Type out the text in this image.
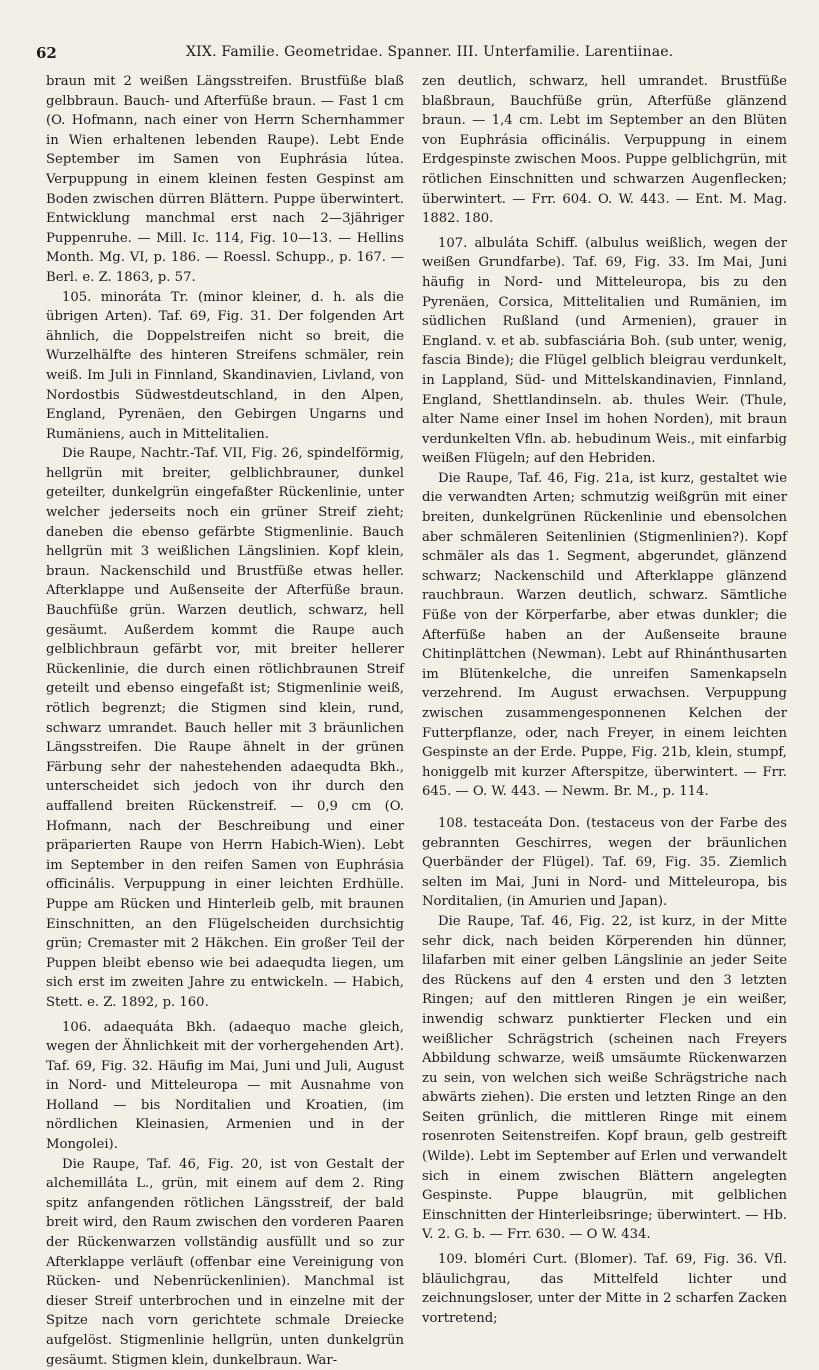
62	XIX. Familie. Geometridae. Spanner. III. Unterfamilie. Larentiinae.

braun mit 2 weißen Längsstreifen. Brustfüße blaß gelbbraun. Bauch- und Afterfüße braun. — Fast 1 cm (O. Hofmann, nach einer von Herrn Schernhammer in Wien erhaltenen lebenden Raupe). Lebt Ende September im Samen von Euphrásia lútea. Verpuppung in einem kleinen festen Gespinst am Boden zwischen dürren Blättern. Puppe überwintert. Entwicklung manchmal erst nach 2—3jähriger Puppenruhe. — Mill. Ic. 114, Fig. 10—13. — Hellins Month. Mg. VI, p. 186. — Roessl. Schupp., p. 167. — Berl. e. Z. 1863, p. 57.

105. minoráta Tr. (minor kleiner, d. h. als die übrigen Arten). Taf. 69, Fig. 31. Der folgenden Art ähnlich, die Doppelstreifen nicht so breit, die Wurzelhälfte des hinteren Streifens schmäler, rein weiß. Im Juli in Finnland, Skandinavien, Livland, von Nordostbis Südwestdeutschland, in den Alpen, England, Pyrenäen, den Gebirgen Ungarns und Rumäniens, auch in Mittelitalien.

Die Raupe, Nachtr.-Taf. VII, Fig. 26, spindelförmig, hellgrün mit breiter, gelblichbrauner, dunkel geteilter, dunkelgrün eingefaßter Rückenlinie, unter welcher jederseits noch ein grüner Streif zieht; daneben die ebenso gefärbte Stigmenlinie. Bauch hellgrün mit 3 weißlichen Längslinien. Kopf klein, braun. Nackenschild und Brustfüße etwas heller. Afterklappe und Außenseite der Afterfüße braun. Bauchfüße grün. Warzen deutlich, schwarz, hell gesäumt. Außerdem kommt die Raupe auch gelblichbraun gefärbt vor, mit breiter hellerer Rückenlinie, die durch einen rötlichbraunen Streif geteilt und ebenso eingefaßt ist; Stigmenlinie weiß, rötlich begrenzt; die Stigmen sind klein, rund, schwarz umrandet. Bauch heller mit 3 bräunlichen Längsstreifen. Die Raupe ähnelt in der grünen Färbung sehr der nahestehenden adaequdta Bkh., unterscheidet sich jedoch von ihr durch den auffallend breiten Rückenstreif. — 0,9 cm (O. Hofmann, nach der Beschreibung und einer präparierten Raupe von Herrn Habich-Wien). Lebt im September in den reifen Samen von Euphrásia officinális. Verpuppung in einer leichten Erdhülle. Puppe am Rücken und Hinterleib gelb, mit braunen Einschnitten, an den Flügelscheiden durchsichtig grün; Cremaster mit 2 Häkchen. Ein großer Teil der Puppen bleibt ebenso wie bei adaequdta liegen, um sich erst im zweiten Jahre zu entwickeln. — Habich, Stett. e. Z. 1892, p. 160.

106. adaequáta Bkh. (adaequo mache gleich, wegen der Ähnlichkeit mit der vorhergehenden Art). Taf. 69, Fig. 32. Häufig im Mai, Juni und Juli, August in Nord- und Mitteleuropa — mit Ausnahme von Holland — bis Norditalien und Kroatien, (im nördlichen Kleinasien, Armenien und in der Mongolei).

Die Raupe, Taf. 46, Fig. 20, ist von Gestalt der alchemilláta L., grün, mit einem auf dem 2. Ring spitz anfangenden rötlichen Längsstreif, der bald breit wird, den Raum zwischen den vorderen Paaren der Rückenwarzen vollständig ausfüllt und so zur Afterklappe verläuft (offenbar eine Vereinigung von Rücken- und Nebenrückenlinien). Manchmal ist dieser Streif unterbrochen und in einzelne mit der Spitze nach vorn gerichtete schmale Dreiecke aufgelöst. Stigmenlinie hellgrün, unten dunkelgrün gesäumt. Stigmen klein, dunkelbraun. War-

zen deutlich, schwarz, hell umrandet. Brustfüße blaßbraun, Bauchfüße grün, Afterfüße glänzend braun. — 1,4 cm. Lebt im September an den Blüten von Euphrásia officinális. Verpuppung in einem Erdgespinste zwischen Moos. Puppe gelblichgrün, mit rötlichen Einschnitten und schwarzen Augenflecken; überwintert. — Frr. 604. O. W. 443. — Ent. M. Mag. 1882. 180.

107. albuláta Schiff. (albulus weißlich, wegen der weißen Grundfarbe). Taf. 69, Fig. 33. Im Mai, Juni häufig in Nord- und Mitteleuropa, bis zu den Pyrenäen, Corsica, Mittelitalien und Rumänien, im südlichen Rußland (und Armenien), grauer in England. v. et ab. subfasciária Boh. (sub unter, wenig, fascia Binde); die Flügel gelblich bleigrau verdunkelt, in Lappland, Süd- und Mittelskandinavien, Finnland, England, Shettlandinseln. ab. thules Weir. (Thule, alter Name einer Insel im hohen Norden), mit braun verdunkelten Vfln. ab. hebudinum Weis., mit einfarbig weißen Flügeln; auf den Hebriden.

Die Raupe, Taf. 46, Fig. 21a, ist kurz, gestaltet wie die verwandten Arten; schmutzig weißgrün mit einer breiten, dunkelgrünen Rückenlinie und ebensolchen aber schmäleren Seitenlinien (Stigmenlinien?). Kopf schmäler als das 1. Segment, abgerundet, glänzend schwarz; Nackenschild und Afterklappe glänzend rauchbraun. Warzen deutlich, schwarz. Sämtliche Füße von der Körperfarbe, aber etwas dunkler; die Afterfüße haben an der Außenseite braune Chitinplättchen (Newman). Lebt auf Rhinánthusarten im Blütenkelche, die unreifen Samenkapseln verzehrend. Im August erwachsen. Verpuppung zwischen zusammengesponnenen Kelchen der Futterpflanze, oder, nach Freyer, in einem leichten Gespinste an der Erde. Puppe, Fig. 21b, klein, stumpf, honiggelb mit kurzer Afterspitze, überwintert. — Frr. 645. — O. W. 443. — Newm. Br. M., p. 114.

108. testaceáta Don. (testaceus von der Farbe des gebrannten Geschirres, wegen der bräunlichen Querbänder der Flügel). Taf. 69, Fig. 35. Ziemlich selten im Mai, Juni in Nord- und Mitteleuropa, bis Norditalien, (in Amurien und Japan).

Die Raupe, Taf. 46, Fig. 22, ist kurz, in der Mitte sehr dick, nach beiden Körperenden hin dünner, lilafarben mit einer gelben Längslinie an jeder Seite des Rückens auf den 4 ersten und den 3 letzten Ringen; auf den mittleren Ringen je ein weißer, inwendig schwarz punktierter Flecken und ein weißlicher Schrägstrich (scheinen nach Freyers Abbildung schwarze, weiß umsäumte Rückenwarzen zu sein, von welchen sich weiße Schrägstriche nach abwärts ziehen). Die ersten und letzten Ringe an den Seiten grünlich, die mittleren Ringe mit einem rosenroten Seitenstreifen. Kopf braun, gelb gestreift (Wilde). Lebt im September auf Erlen und verwandelt sich in einem zwischen Blättern angelegten Gespinste. Puppe blaugrün, mit gelblichen Einschnitten der Hinterleibsringe; überwintert. — Hb. V. 2. G. b. — Frr. 630. — O W. 434.

109. bloméri Curt. (Blomer). Taf. 69, Fig. 36. Vfl. bläulichgrau, das Mittelfeld lichter und zeichnungsloser, unter der Mitte in 2 scharfen Zacken vortretend;
